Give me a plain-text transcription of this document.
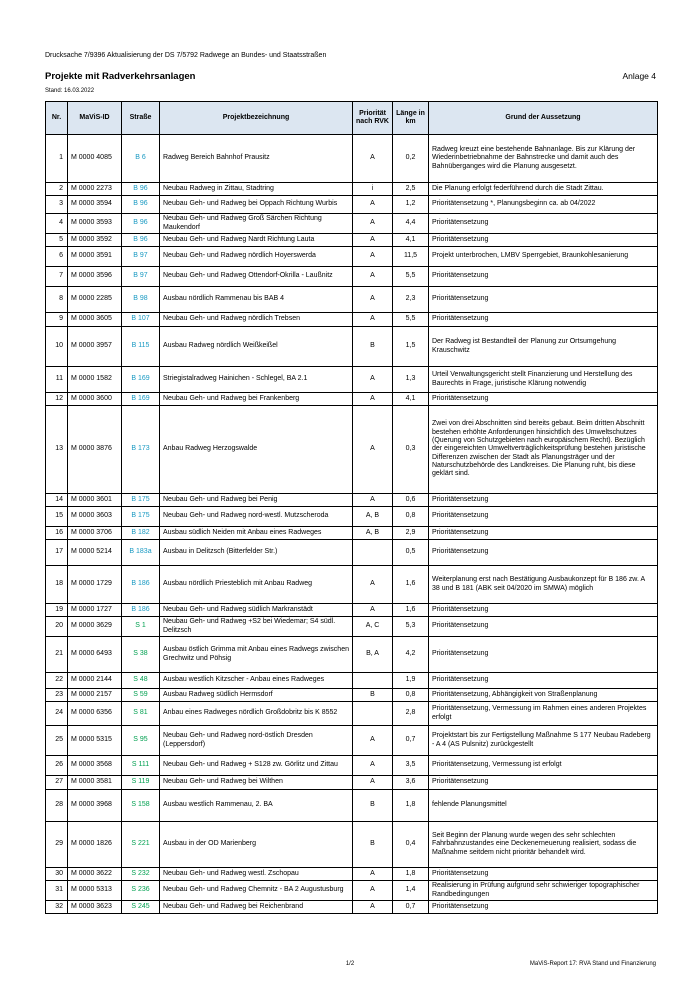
Drucksache 7/9396 Aktualisierung der DS 7/5792 Radwege an Bundes- und Staatsstraßen
Projekte mit Radverkehrsanlagen	Anlage 4
Stand: 16.03.2022
Nr.	MaViS-ID	Straße	Projektbezeichnung	Priorität nach RVK	Länge in km	Grund der Aussetzung
1	M 0000 4085	B 6	Radweg Bereich Bahnhof Prausitz	A	0,2	Radweg kreuzt eine bestehende Bahnanlage. Bis zur Klärung der Wiederinbetriebnahme der Bahnstrecke und damit auch des Bahnüberganges wird die Planung ausgesetzt.
2	M 0000 2273	B 96	Neubau Radweg in Zittau, Stadtring	i	2,5	Die Planung erfolgt federführend durch die Stadt Zittau.
3	M 0000 3594	B 96	Neubau Geh- und Radweg bei Oppach Richtung Wurbis	A	1,2	Prioritätensetzung *, Planungsbeginn ca. ab 04/2022
4	M 0000 3593	B 96	Neubau Geh- und Radweg Groß Särchen Richtung Maukendorf	A	4,4	Prioritätensetzung
5	M 0000 3592	B 96	Neubau Geh- und Radweg Nardt Richtung Lauta	A	4,1	Prioritätensetzung
6	M 0000 3591	B 97	Neubau Geh- und Radweg nördlich Hoyerswerda	A	11,5	Projekt unterbrochen, LMBV Sperrgebiet, Braunkohlesanierung
7	M 0000 3596	B 97	Neubau Geh- und Radweg Ottendorf-Okrilla - Laußnitz	A	5,5	Prioritätensetzung
8	M 0000 2285	B 98	Ausbau nördlich Rammenau bis BAB 4	A	2,3	Prioritätensetzung
9	M 0000 3605	B 107	Neubau Geh- und Radweg nördlich Trebsen	A	5,5	Prioritätensetzung
10	M 0000 3957	B 115	Ausbau Radweg nördlich Weißkeißel	B	1,5	Der Radweg ist Bestandteil der Planung zur Ortsumgehung Krauschwitz
11	M 0000 1582	B 169	Striegistalradweg Hainichen - Schlegel, BA 2.1	A	1,3	Urteil Verwaltungsgericht stellt Finanzierung und Herstellung des Baurechts in Frage, juristische Klärung notwendig
12	M 0000 3600	B 169	Neubau Geh- und Radweg bei Frankenberg	A	4,1	Prioritätensetzung
13	M 0000 3876	B 173	Anbau Radweg Herzogswalde	A	0,3	Zwei von drei Abschnitten sind bereits gebaut. Beim dritten Abschnitt bestehen erhöhte Anforderungen hinsichtlich des Umweltschutzes (Querung von Schutzgebieten nach europäischem Recht). Bezüglich der eingereichten Umweltverträglichkeitsprüfung bestehen juristische Differenzen zwischen der Stadt als Planungsträger und der Naturschutzbehörde des Landkreises. Die Planung ruht, bis diese geklärt sind.
14	M 0000 3601	B 175	Neubau Geh- und Radweg bei Penig	A	0,6	Prioritätensetzung
15	M 0000 3603	B 175	Neubau Geh- und Radweg nord-westl. Mutzscheroda	A, B	0,8	Prioritätensetzung
16	M 0000 3706	B 182	Ausbau südlich Neiden mit Anbau eines Radweges	A, B	2,9	Prioritätensetzung
17	M 0000 5214	B 183a	Ausbau in Delitzsch (Bitterfelder Str.)		0,5	Prioritätensetzung
18	M 0000 1729	B 186	Ausbau nördlich Priesteblich mit Anbau Radweg	A	1,6	Weiterplanung erst nach Bestätigung Ausbaukonzept für B 186 zw. A 38 und B 181 (ABK seit 04/2020 im SMWA) möglich
19	M 0000 1727	B 186	Neubau Geh- und Radweg südlich Markranstädt	A	1,6	Prioritätensetzung
20	M 0000 3629	S 1	Neubau Geh- und Radweg +S2 bei Wiedemar; S4 südl. Delitzsch	A, C	5,3	Prioritätensetzung
21	M 0000 6493	S 38	Ausbau östlich Grimma mit Anbau eines Radwegs zwischen Grechwitz und Pöhsig	B, A	4,2	Prioritätensetzung
22	M 0000 2144	S 48	Ausbau westlich Kitzscher - Anbau eines Radweges		1,9	Prioritätensetzung
23	M 0000 2157	S 59	Ausbau Radweg südlich Hermsdorf	B	0,8	Prioritätensetzung, Abhängigkeit von Straßenplanung
24	M 0000 6356	S 81	Anbau eines Radweges nördlich Großdobritz bis K 8552		2,8	Prioritätensetzung, Vermessung im Rahmen eines anderen Projektes erfolgt
25	M 0000 5315	S 95	Neubau Geh- und Radweg nord-östlich Dresden (Leppersdorf)	A	0,7	Projektstart bis zur Fertigstellung Maßnahme S 177 Neubau Radeberg - A 4 (AS Pulsnitz) zurückgestellt
26	M 0000 3568	S 111	Neubau Geh- und Radweg + S128 zw. Görlitz und Zittau	A	3,5	Prioritätensetzung, Vermessung ist erfolgt
27	M 0000 3581	S 119	Neubau Geh- und Radweg bei Wilthen	A	3,6	Prioritätensetzung
28	M 0000 3968	S 158	Ausbau westlich Rammenau, 2. BA	B	1,8	fehlende Planungsmittel
29	M 0000 1826	S 221	Ausbau in der OD Marienberg	B	0,4	Seit Beginn der Planung wurde wegen des sehr schlechten Fahrbahnzustandes eine Deckenerneuerung realisiert, sodass die Maßnahme seitdem nicht prioritär behandelt wird.
30	M 0000 3622	S 232	Neubau Geh- und Radweg westl. Zschopau	A	1,8	Prioritätensetzung
31	M 0000 5313	S 236	Neubau Geh- und Radweg Chemnitz - BA 2 Augustusburg	A	1,4	Realisierung in Prüfung aufgrund sehr schwieriger topographischer Randbedingungen
32	M 0000 3623	S 245	Neubau Geh- und Radweg bei Reichenbrand	A	0,7	Prioritätensetzung
1/2	MaViS-Report 17: RVA Stand und Finanzierung
